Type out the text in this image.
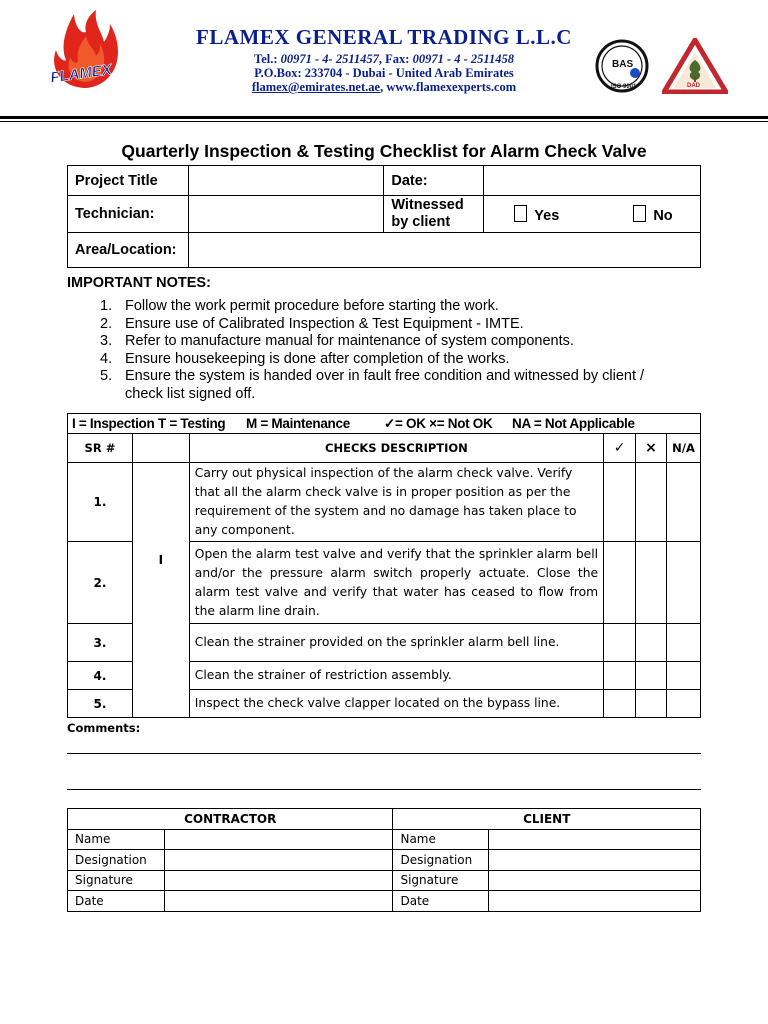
FLAMEX
FLAMEX GENERAL TRADING L.L.C
Tel.: 00971 - 4- 2511457, Fax: 00971 - 4 - 2511458
P.O.Box: 233704 - Dubai - United Arab Emirates
flamex@emirates.net.ae, www.flamexexperts.com
BAS
ISO 9001	DAD
Quarterly Inspection & Testing Checklist for Alarm Check Valve
Project Title		Date:	
Technician:		Witnessed
by client	Yes No
Area/Location:			
IMPORTANT NOTES:
1. Follow the work permit procedure before starting the work.
2. Ensure use of Calibrated Inspection & Test Equipment - IMTE.
3. Refer to manufacture manual for maintenance of system components.
4. Ensure housekeeping is done after completion of the works.
5. Ensure the system is handed over in fault free condition and witnessed by client / check list signed off.
I = Inspection T = Testing M = Maintenance ✓= OK ×= Not OK NA = Not Applicable					
SR #		CHECKS DESCRIPTION	✓	×	N/A
1.	I	Carry out physical inspection of the alarm check valve. Verify that all the alarm check valve is in proper position as per the requirement of the system and no damage has taken place to any component.			
2.		Open the alarm test valve and verify that the sprinkler alarm bell and/or the pressure alarm switch properly actuate. Close the alarm test valve and verify that water has ceased to flow from the alarm line drain.			
3.		Clean the strainer provided on the sprinkler alarm bell line.			
4.		Clean the strainer of restriction assembly.			
5.		Inspect the check valve clapper located on the bypass line.			
Comments:
CONTRACTOR		CLIENT	
Name		Name	
Designation		Designation	
Signature		Signature	
Date		Date	
